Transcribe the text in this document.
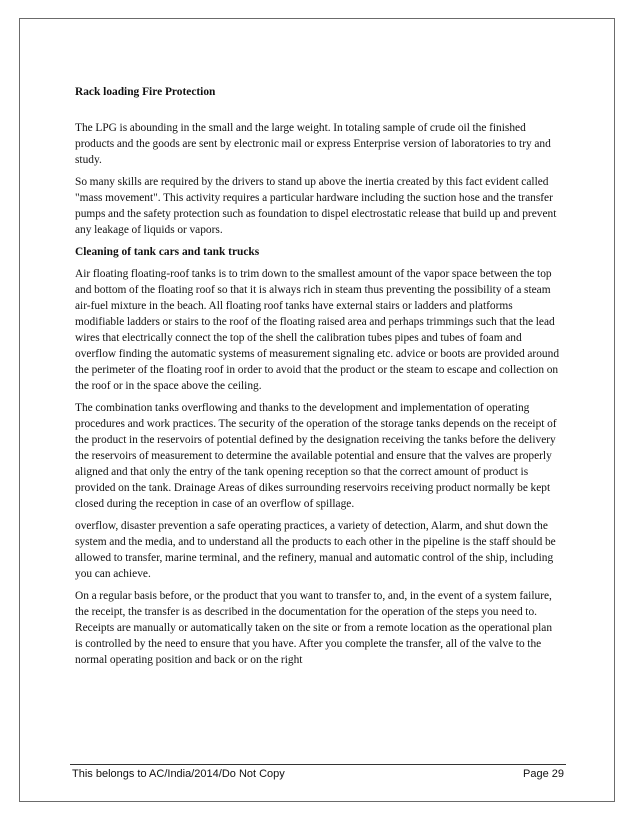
Rack loading Fire Protection

The LPG is abounding in the small and the large weight. In totaling sample of crude oil the finished products and the goods are sent by electronic mail or express Enterprise version of laboratories to try and study.

So many skills are required by the drivers to stand up above the inertia created by this fact evident called "mass movement". This activity requires a particular hardware including the suction hose and the transfer pumps and the safety protection such as foundation to dispel electrostatic release that build up and prevent any leakage of liquids or vapors.

Cleaning of tank cars and tank trucks

Air floating floating-roof tanks is to trim down to the smallest amount of the vapor space between the top and bottom of the floating roof so that it is always rich in steam thus preventing the possibility of a steam air-fuel mixture in the beach. All floating roof tanks have external stairs or ladders and platforms modifiable ladders or stairs to the roof of the floating raised area and perhaps trimmings such that the lead wires that electrically connect the top of the shell the calibration tubes pipes and tubes of foam and overflow finding the automatic systems of measurement signaling etc. advice or boots are provided around the perimeter of the floating roof in order to avoid that the product or the steam to escape and collection on the roof or in the space above the ceiling.

The combination tanks overflowing and thanks to the development and implementation of operating procedures and work practices. The security of the operation of the storage tanks depends on the receipt of the product in the reservoirs of potential defined by the designation receiving the tanks before the delivery the reservoirs of measurement to determine the available potential and ensure that the valves are properly aligned and that only the entry of the tank opening reception so that the correct amount of product is provided on the tank. Drainage Areas of dikes surrounding reservoirs receiving product normally be kept closed during the reception in case of an overflow of spillage.

overflow, disaster prevention a safe operating practices, a variety of detection, Alarm, and shut down the system and the media, and to understand all the products to each other in the pipeline is the staff should be allowed to transfer, marine terminal, and the refinery, manual and automatic control of the ship, including you can achieve.

On a regular basis before, or the product that you want to transfer to, and, in the event of a system failure, the receipt, the transfer is as described in the documentation for the operation of the steps you need to. Receipts are manually or automatically taken on the site or from a remote location as the operational plan is controlled by the need to ensure that you have. After you complete the transfer, all of the valve to the normal operating position and back or on the right

This belongs to AC/India/2014/Do Not Copy	Page 29
